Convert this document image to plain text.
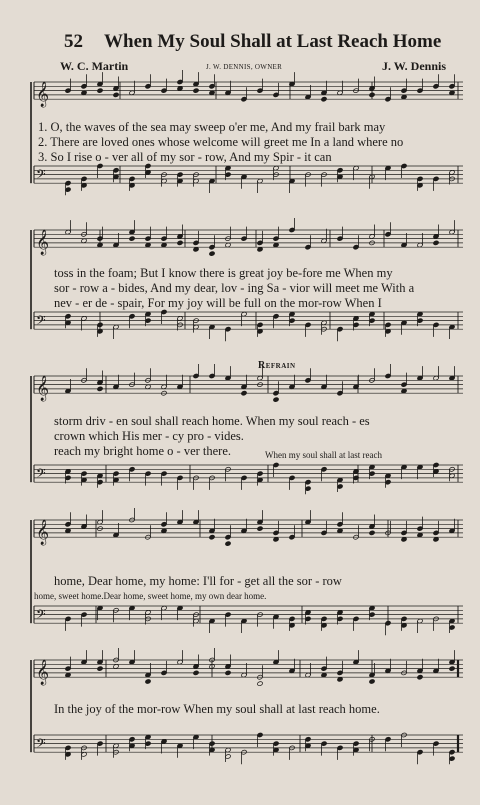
52 When My Soul Shall at Last Reach Home
W. C. Martin	J. W. DENNIS, OWNER	J. W. Dennis
𝄞
𝄢
𝄞
𝄢
𝄞
𝄢
𝄞
𝄢
𝄞
𝄢
Refrain
1. O, the waves of the sea may sweep o'er me, And my frail bark may
2. There are loved ones whose welcome will greet me In a land where no
3. So I rise o - ver all of my sor - row, And my Spir - it can
toss in the foam; But I know there is great joy be-fore me When my
sor - row a - bides, And my dear, lov - ing Sa - vior will meet me With a
nev - er de - spair, For my joy will be full on the mor-row When I
storm driv - en soul shall reach home. When my soul reach - es
crown which His mer - cy pro - vides.
reach my bright home o - ver there.	When my soul shall at last reach
home, Dear home, my home: I'll for - get all the sor - row
home, sweet home.Dear home, sweet home, my own dear home.
In the joy of the mor-row When my soul shall at last reach home.
